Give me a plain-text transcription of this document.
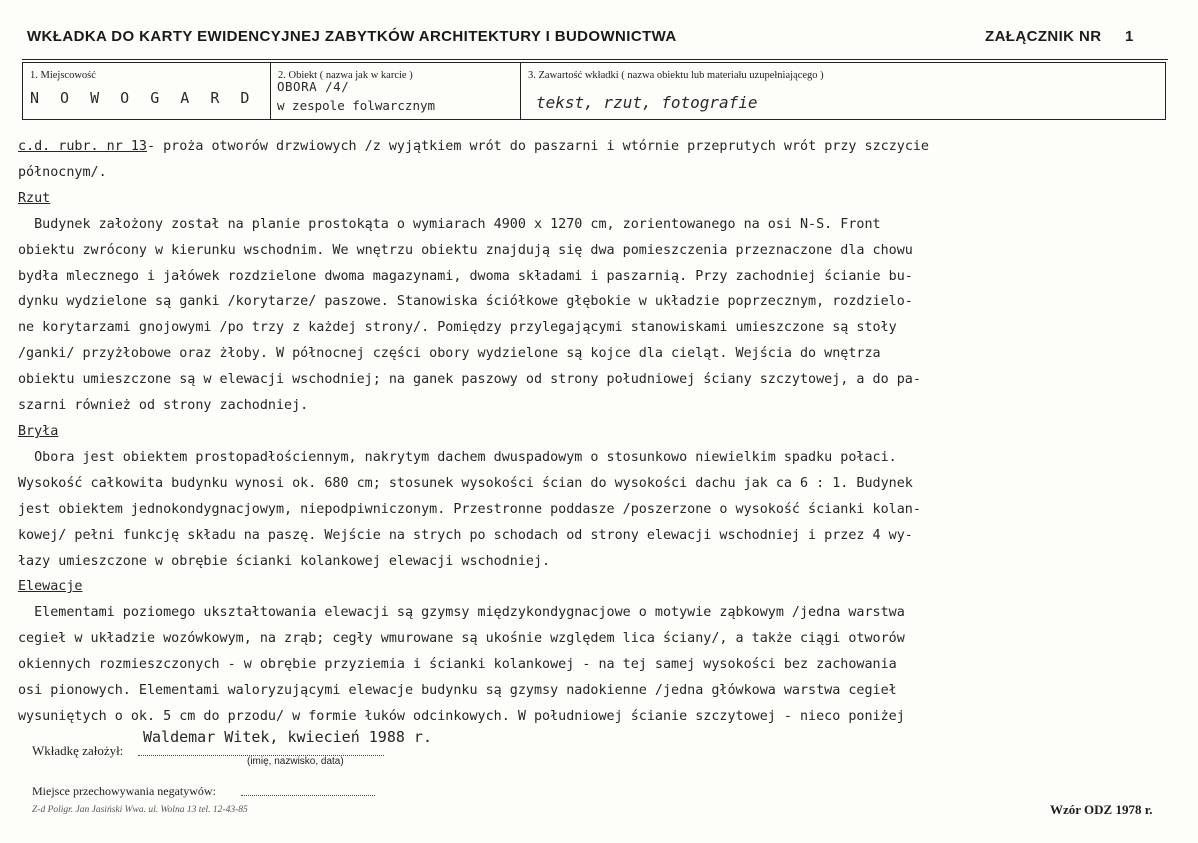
WKŁADKA DO KARTY EWIDENCYJNEJ ZABYTKÓW ARCHITEKTURY I BUDOWNICTWA	ZAŁĄCZNIK NR 1
1. Miejscowość
N O W O G A R D
2. Obiekt ( nazwa jak w karcie )
OBORA /4/
w zespole folwarcznym
3. Zawartość wkładki ( nazwa obiektu lub materiału uzupełniającego )
tekst, rzut, fotografie
c.d. rubr. nr 13- proża otworów drzwiowych /z wyjątkiem wrót do paszarni i wtórnie przeprutych wrót przy szczycie
północnym/.
Rzut
Budynek założony został na planie prostokąta o wymiarach 4900 x 1270 cm, zorientowanego na osi N-S. Front
obiektu zwrócony w kierunku wschodnim. We wnętrzu obiektu znajdują się dwa pomieszczenia przeznaczone dla chowu
bydła mlecznego i jałówek rozdzielone dwoma magazynami, dwoma składami i paszarnią. Przy zachodniej ścianie bu-
dynku wydzielone są ganki /korytarze/ paszowe. Stanowiska ściółkowe głębokie w układzie poprzecznym, rozdzielo-
ne korytarzami gnojowymi /po trzy z każdej strony/. Pomiędzy przylegającymi stanowiskami umieszczone są stoły
/ganki/ przyżłobowe oraz żłoby. W północnej części obory wydzielone są kojce dla cieląt. Wejścia do wnętrza
obiektu umieszczone są w elewacji wschodniej; na ganek paszowy od strony południowej ściany szczytowej, a do pa-
szarni również od strony zachodniej.
Bryła
Obora jest obiektem prostopadłościennym, nakrytym dachem dwuspadowym o stosunkowo niewielkim spadku połaci.
Wysokość całkowita budynku wynosi ok. 680 cm; stosunek wysokości ścian do wysokości dachu jak ca 6 : 1. Budynek
jest obiektem jednokondygnacjowym, niepodpiwniczonym. Przestronne poddasze /poszerzone o wysokość ścianki kolan-
kowej/ pełni funkcję składu na paszę. Wejście na strych po schodach od strony elewacji wschodniej i przez 4 wy-
łazy umieszczone w obrębie ścianki kolankowej elewacji wschodniej.
Elewacje
Elementami poziomego ukształtowania elewacji są gzymsy międzykondygnacjowe o motywie ząbkowym /jedna warstwa
cegieł w układzie wozówkowym, na zrąb; cegły wmurowane są ukośnie względem lica ściany/, a także ciągi otworów
okiennych rozmieszczonych - w obrębie przyziemia i ścianki kolankowej - na tej samej wysokości bez zachowania
osi pionowych. Elementami waloryzującymi elewacje budynku są gzymsy nadokienne /jedna główkowa warstwa cegieł
wysuniętych o ok. 5 cm do przodu/ w formie łuków odcinkowych. W południowej ścianie szczytowej - nieco poniżej
Wkładkę założył:
Waldemar Witek, kwiecień 1988 r.
(imię, nazwisko, data)
Miejsce przechowywania negatywów:
Z-d Poligr. Jan Jasiński Wwa. ul. Wolna 13 tel. 12-43-85	Wzór ODZ 1978 r.
